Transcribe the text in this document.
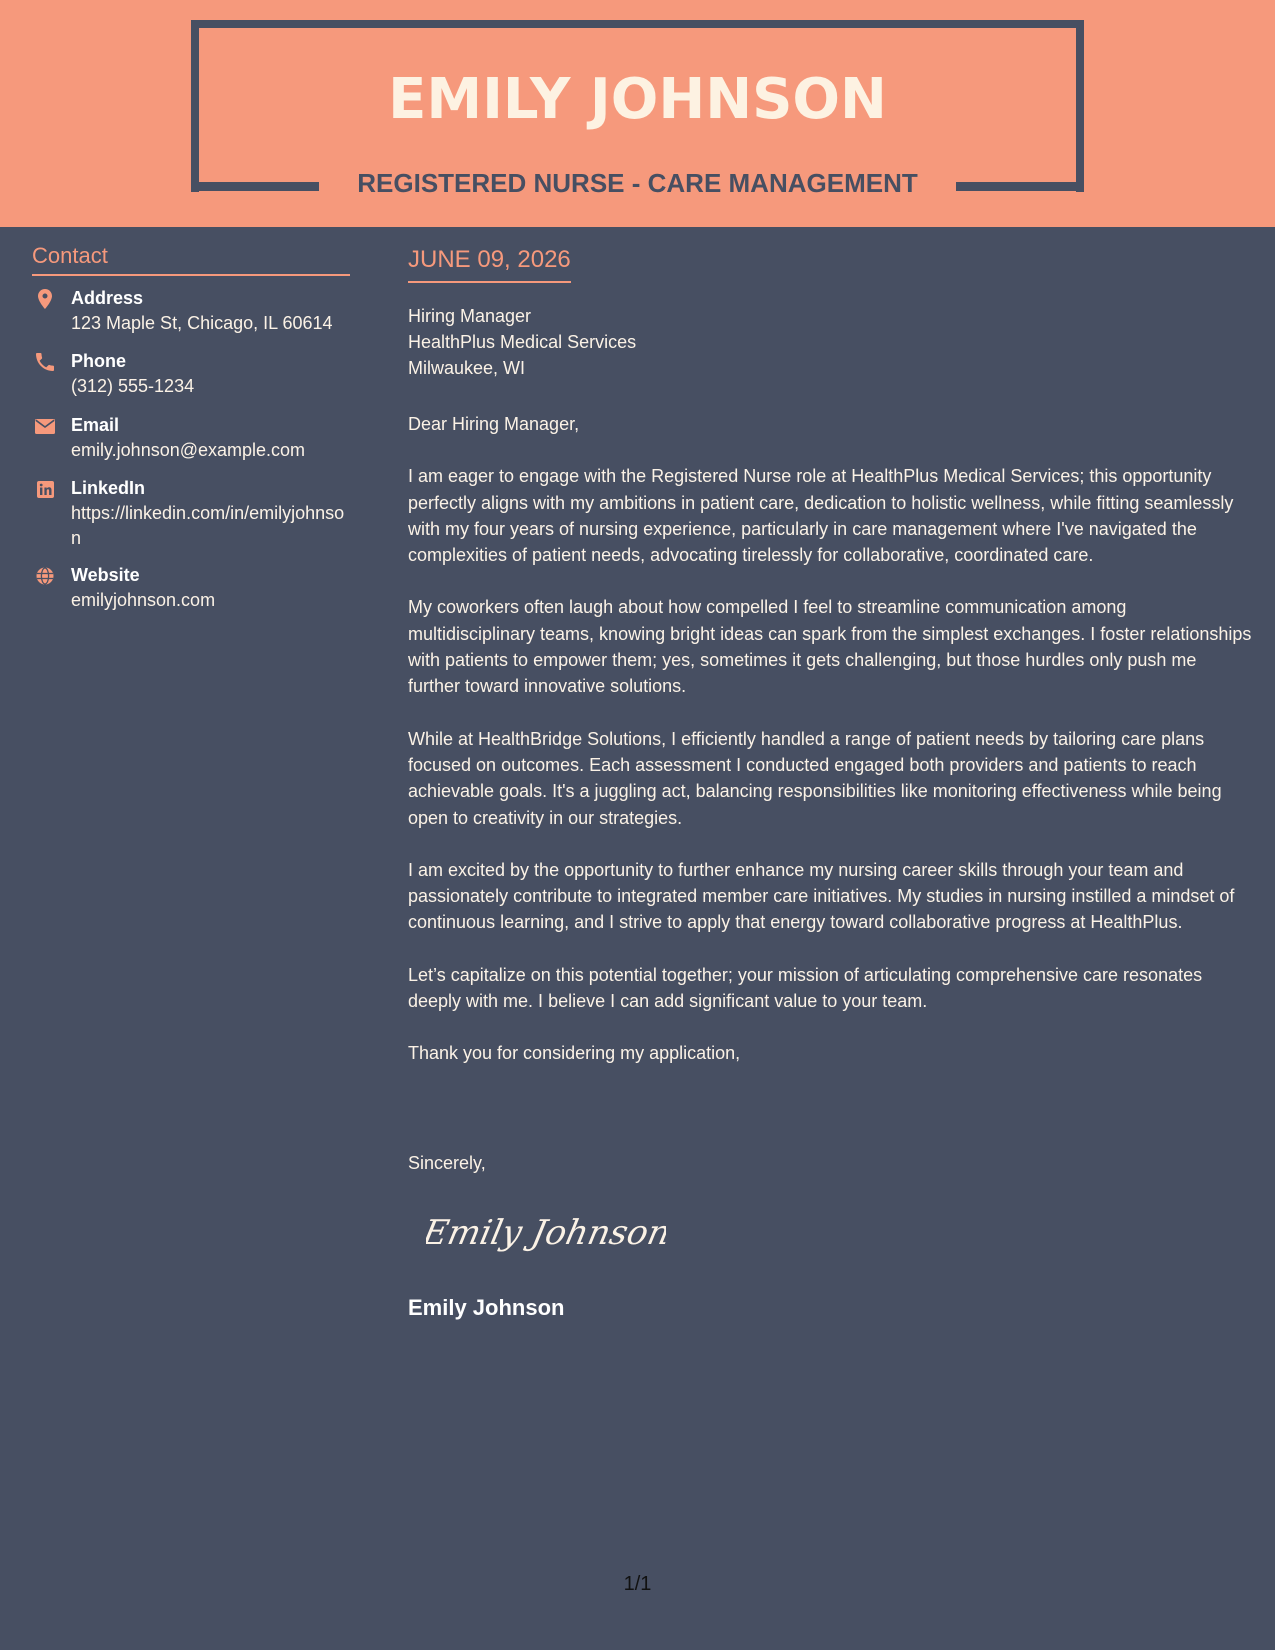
EMILY JOHNSON
REGISTERED NURSE - CARE MANAGEMENT
Contact
Address
123 Maple St, Chicago, IL 60614
Phone
(312) 555-1234
Email
emily.johnson@example.com
LinkedIn
https://linkedin.com/in/emilyjohnson
Website
emilyjohnson.com
JUNE 09, 2026
Hiring Manager
HealthPlus Medical Services
Milwaukee, WI

Dear Hiring Manager,

I am eager to engage with the Registered Nurse role at HealthPlus Medical Services; this opportunity perfectly aligns with my ambitions in patient care, dedication to holistic wellness, while fitting seamlessly with my four years of nursing experience, particularly in care management where I've navigated the complexities of patient needs, advocating tirelessly for collaborative, coordinated care.

My coworkers often laugh about how compelled I feel to streamline communication among multidisciplinary teams, knowing bright ideas can spark from the simplest exchanges. I foster relationships with patients to empower them; yes, sometimes it gets challenging, but those hurdles only push me further toward innovative solutions.

While at HealthBridge Solutions, I efficiently handled a range of patient needs by tailoring care plans focused on outcomes. Each assessment I conducted engaged both providers and patients to reach achievable goals. It's a juggling act, balancing responsibilities like monitoring effectiveness while being open to creativity in our strategies.

I am excited by the opportunity to further enhance my nursing career skills through your team and passionately contribute to integrated member care initiatives. My studies in nursing instilled a mindset of continuous learning, and I strive to apply that energy toward collaborative progress at HealthPlus.

Let’s capitalize on this potential together; your mission of articulating comprehensive care resonates deeply with me. I believe I can add significant value to your team.

Thank you for considering my application,

Sincerely,
Emily Johnson
Emily Johnson
1/1
